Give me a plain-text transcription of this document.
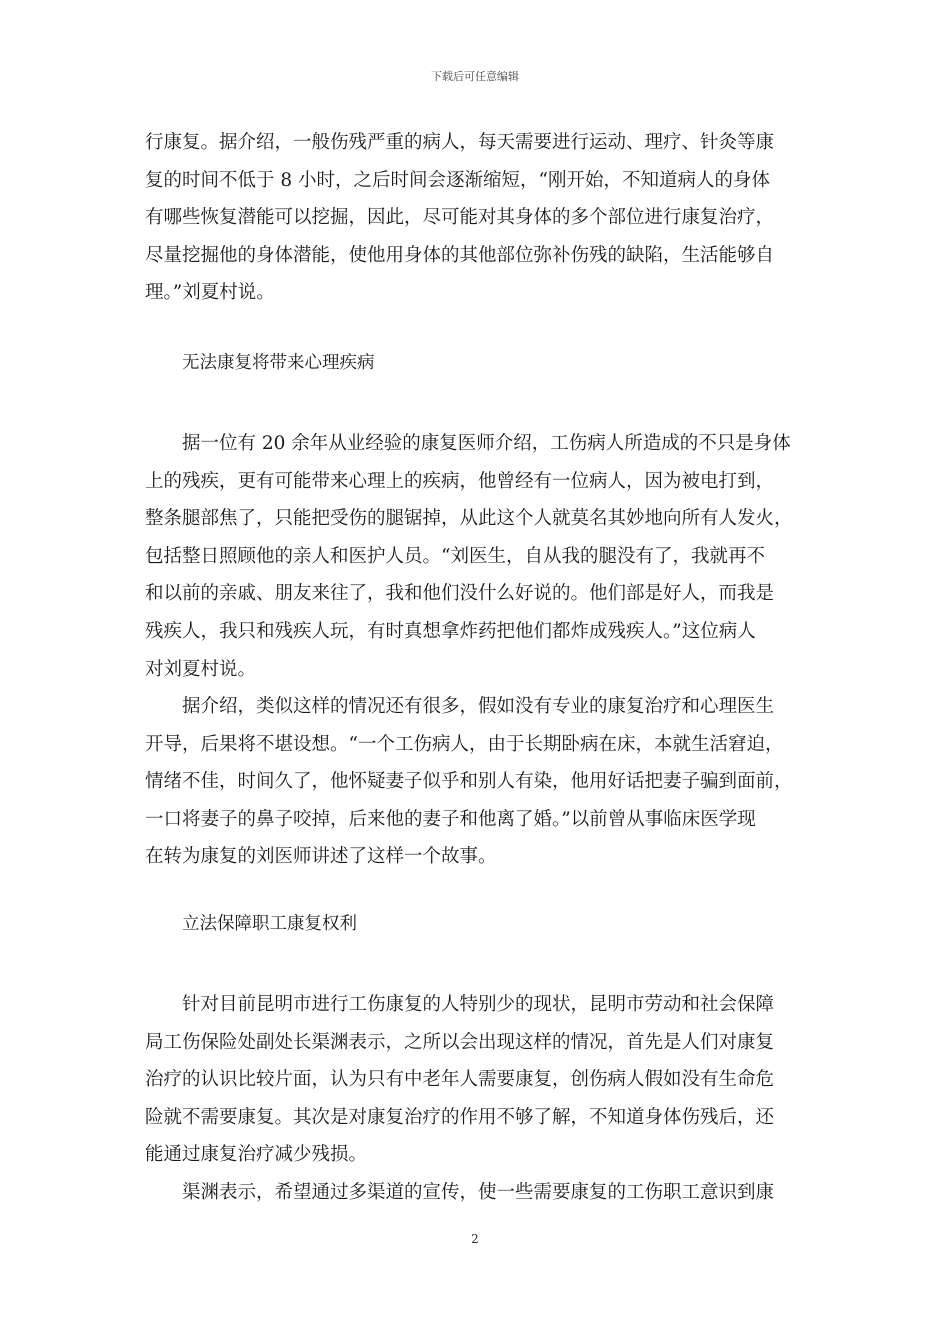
下载后可任意编辑
行康复。据介绍，一般伤残严重的病人，每天需要进行运动、理疗、针灸等康
复的时间不低于 8 小时，之后时间会逐渐缩短，“刚开始，不知道病人的身体
有哪些恢复潜能可以挖掘，因此，尽可能对其身体的多个部位进行康复治疗，
尽量挖掘他的身体潜能，使他用身体的其他部位弥补伤残的缺陷，生活能够自
理。”刘夏村说。
无法康复将带来心理疾病
据一位有 20 余年从业经验的康复医师介绍，工伤病人所造成的不只是身体
上的残疾，更有可能带来心理上的疾病，他曾经有一位病人，因为被电打到，
整条腿部焦了，只能把受伤的腿锯掉，从此这个人就莫名其妙地向所有人发火，
包括整日照顾他的亲人和医护人员。“刘医生，自从我的腿没有了，我就再不
和以前的亲戚、朋友来往了，我和他们没什么好说的。他们部是好人，而我是
残疾人，我只和残疾人玩，有时真想拿炸药把他们都炸成残疾人。”这位病人
对刘夏村说。
据介绍，类似这样的情况还有很多，假如没有专业的康复治疗和心理医生
开导，后果将不堪设想。“一个工伤病人，由于长期卧病在床，本就生活窘迫，
情绪不佳，时间久了，他怀疑妻子似乎和别人有染，他用好话把妻子骗到面前，
一口将妻子的鼻子咬掉，后来他的妻子和他离了婚。”以前曾从事临床医学现
在转为康复的刘医师讲述了这样一个故事。
立法保障职工康复权利
针对目前昆明市进行工伤康复的人特别少的现状，昆明市劳动和社会保障
局工伤保险处副处长渠渊表示，之所以会出现这样的情况，首先是人们对康复
治疗的认识比较片面，认为只有中老年人需要康复，创伤病人假如没有生命危
险就不需要康复。其次是对康复治疗的作用不够了解，不知道身体伤残后，还
能通过康复治疗减少残损。
渠渊表示，希望通过多渠道的宣传，使一些需要康复的工伤职工意识到康
2
